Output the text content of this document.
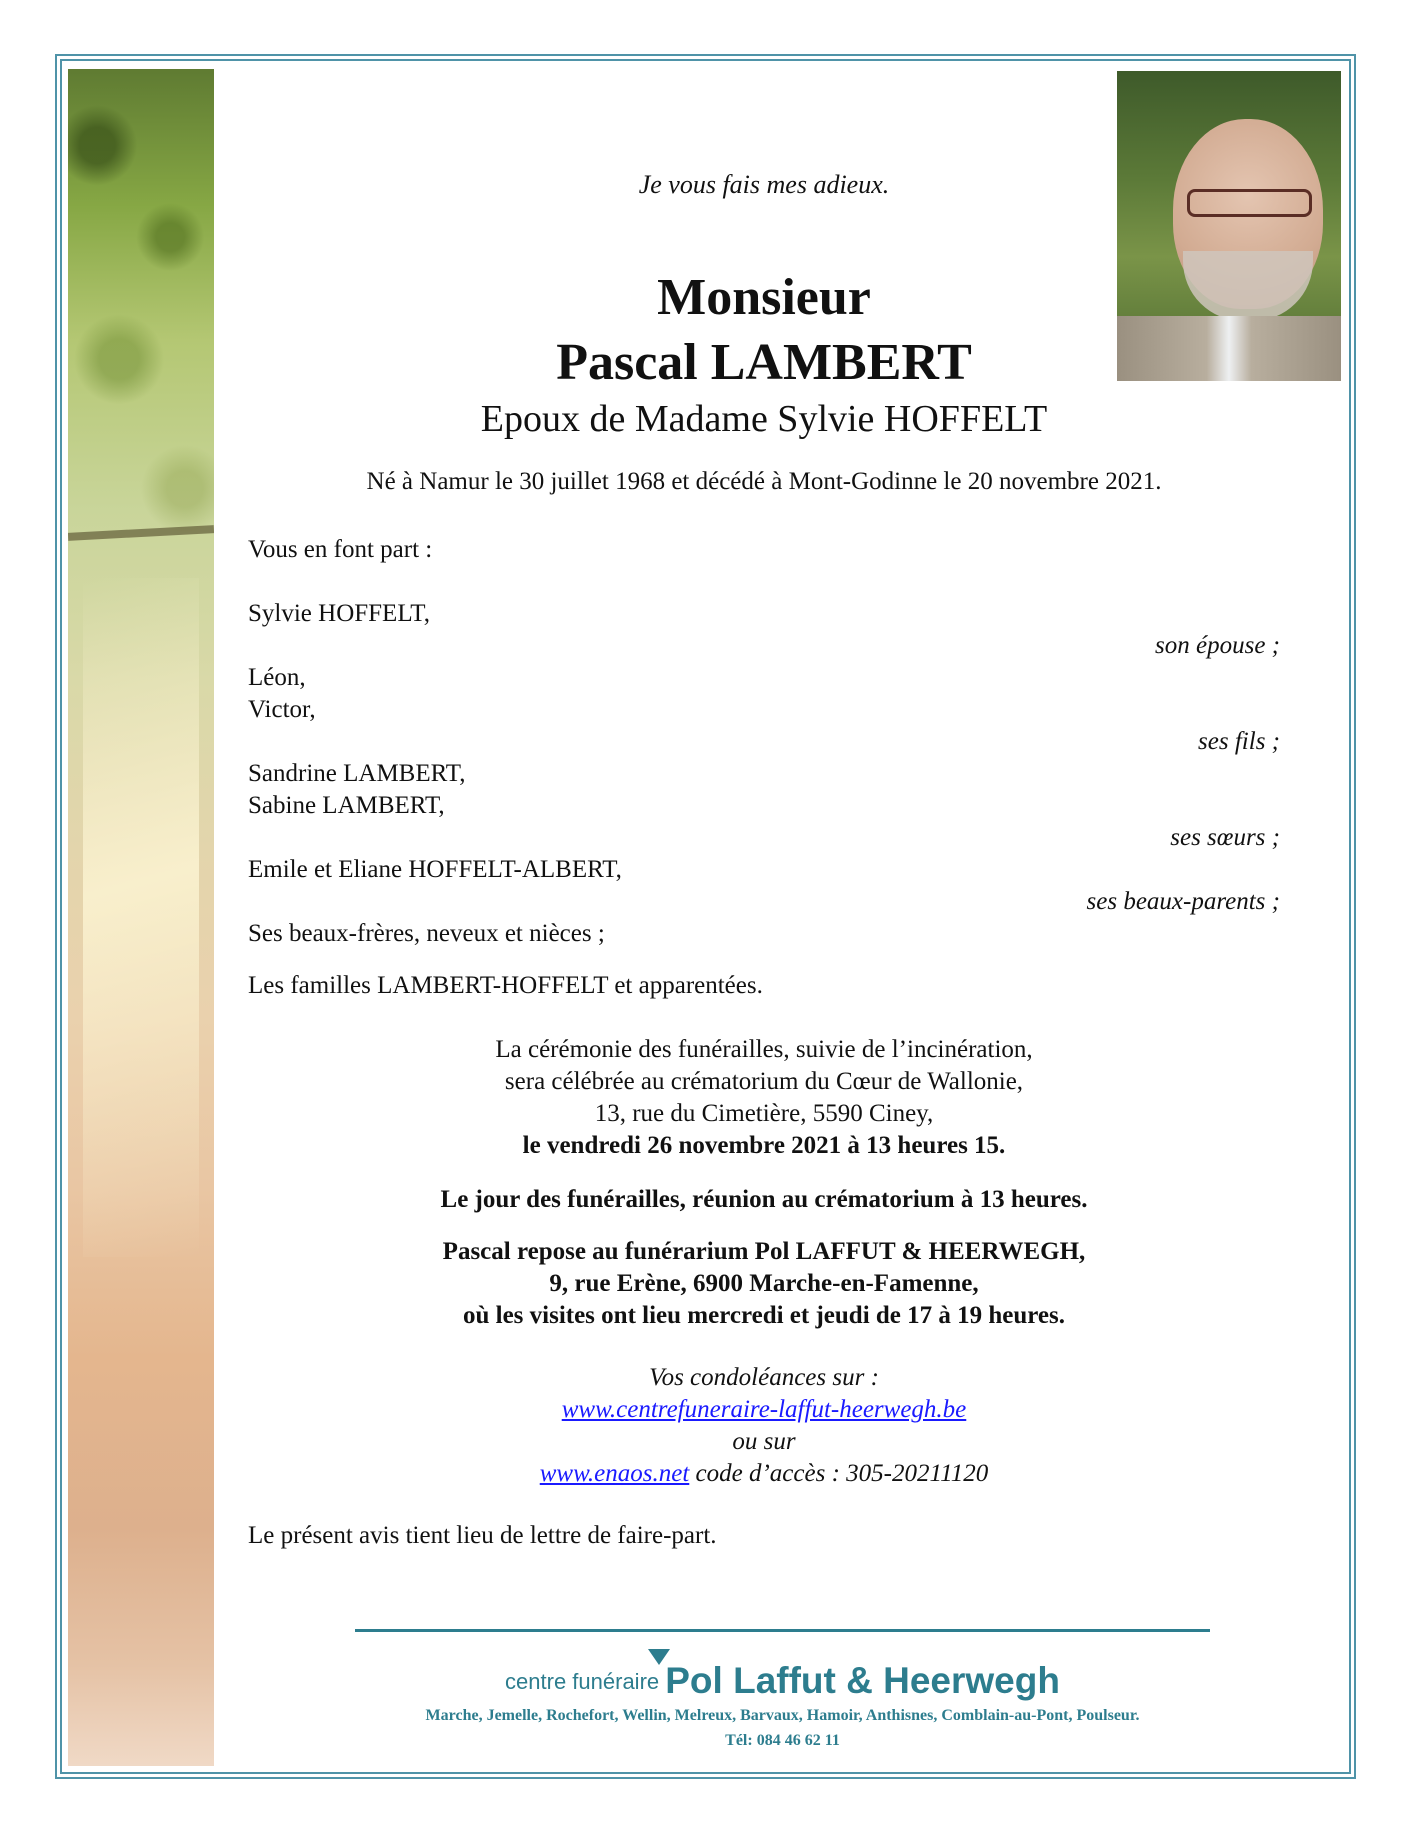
Je vous fais mes adieux.
Monsieur
Pascal LAMBERT
Epoux de Madame Sylvie HOFFELT
Né à Namur le 30 juillet 1968 et décédé à Mont-Godinne le 20 novembre 2021.
Vous en font part :
Sylvie HOFFELT,
son épouse ;
Léon,
Victor,
ses fils ;
Sandrine LAMBERT,
Sabine LAMBERT,
ses sœurs ;
Emile et Eliane HOFFELT-ALBERT,
ses beaux-parents ;
Ses beaux-frères, neveux et nièces ;
Les familles LAMBERT-HOFFELT et apparentées.
La cérémonie des funérailles, suivie de l’incinération,
sera célébrée au crématorium du Cœur de Wallonie,
13, rue du Cimetière, 5590 Ciney,
le vendredi 26 novembre 2021 à 13 heures 15.
Le jour des funérailles, réunion au crématorium à 13 heures.
Pascal repose au funérarium Pol LAFFUT & HEERWEGH,
9, rue Erène, 6900 Marche-en-Famenne,
où les visites ont lieu mercredi et jeudi de 17 à 19 heures.
Vos condoléances sur :
www.centrefuneraire-laffut-heerwegh.be
ou sur
www.enaos.net code d’accès : 305-20211120
Le présent avis tient lieu de lettre de faire-part.
centre funéraire Pol Laffut & Heerwegh
Marche, Jemelle, Rochefort, Wellin, Melreux, Barvaux, Hamoir, Anthisnes, Comblain-au-Pont, Poulseur.
Tél: 084 46 62 11
